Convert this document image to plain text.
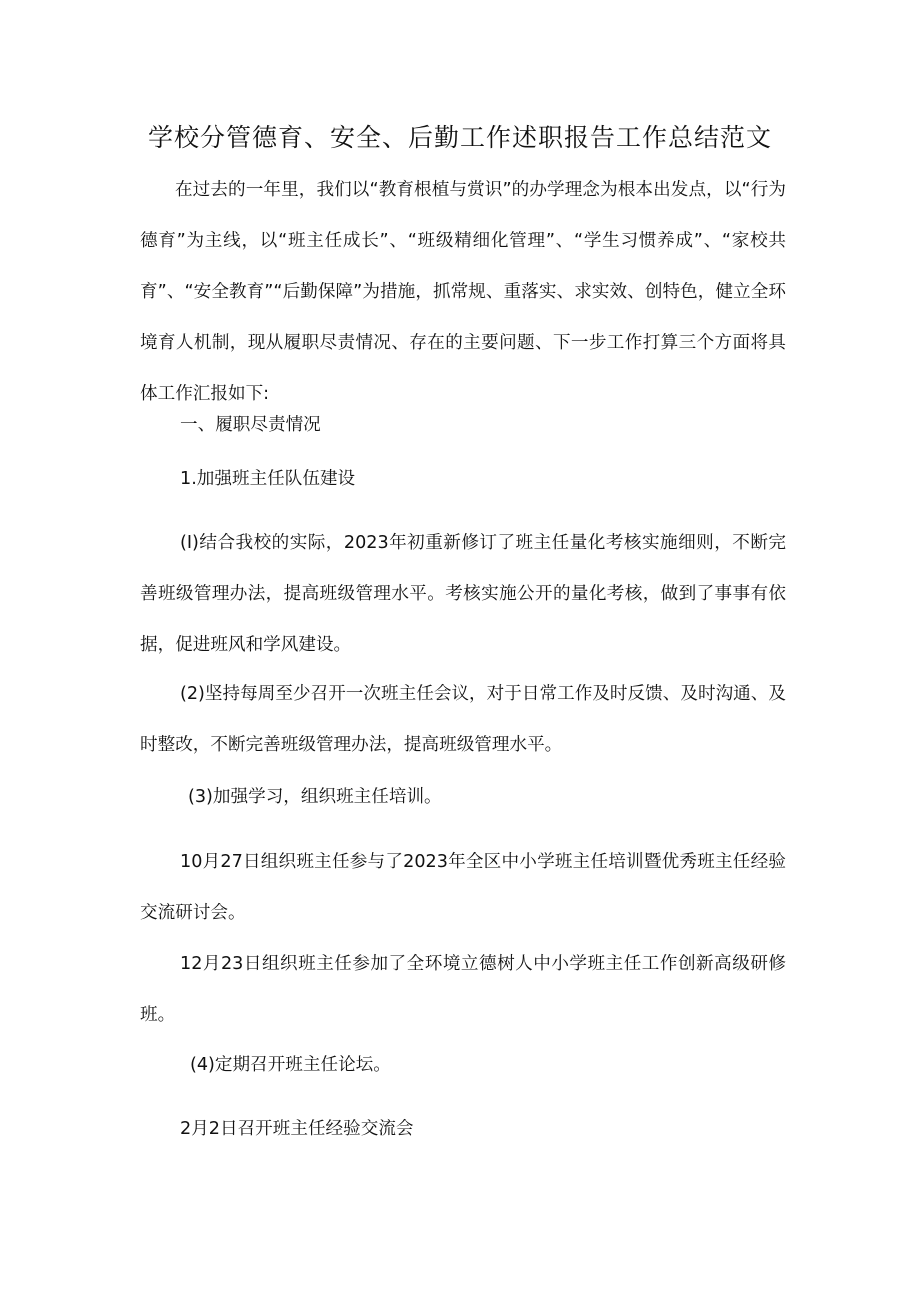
学校分管德育、安全、后勤工作述职报告工作总结范文

在过去的一年里，我们以“教育根植与赏识”的办学理念为根本出发点，以“行为德育”为主线，以“班主任成长”、“班级精细化管理”、“学生习惯养成”、“家校共育”、“安全教育”“后勤保障”为措施，抓常规、重落实、求实效、创特色，健立全环境育人机制，现从履职尽责情况、存在的主要问题、下一步工作打算三个方面将具体工作汇报如下:

一、履职尽责情况

1.加强班主任队伍建设

(I)结合我校的实际，2023年初重新修订了班主任量化考核实施细则，不断完善班级管理办法，提高班级管理水平。考核实施公开的量化考核，做到了事事有依据，促进班风和学风建设。

(2)坚持每周至少召开一次班主任会议，对于日常工作及时反馈、及时沟通、及时整改，不断完善班级管理办法，提高班级管理水平。

(3)加强学习，组织班主任培训。

10月27日组织班主任参与了2023年全区中小学班主任培训暨优秀班主任经验交流研讨会。

12月23日组织班主任参加了全环境立德树人中小学班主任工作创新高级研修班。

(4)定期召开班主任论坛。

2月2日召开班主任经验交流会
